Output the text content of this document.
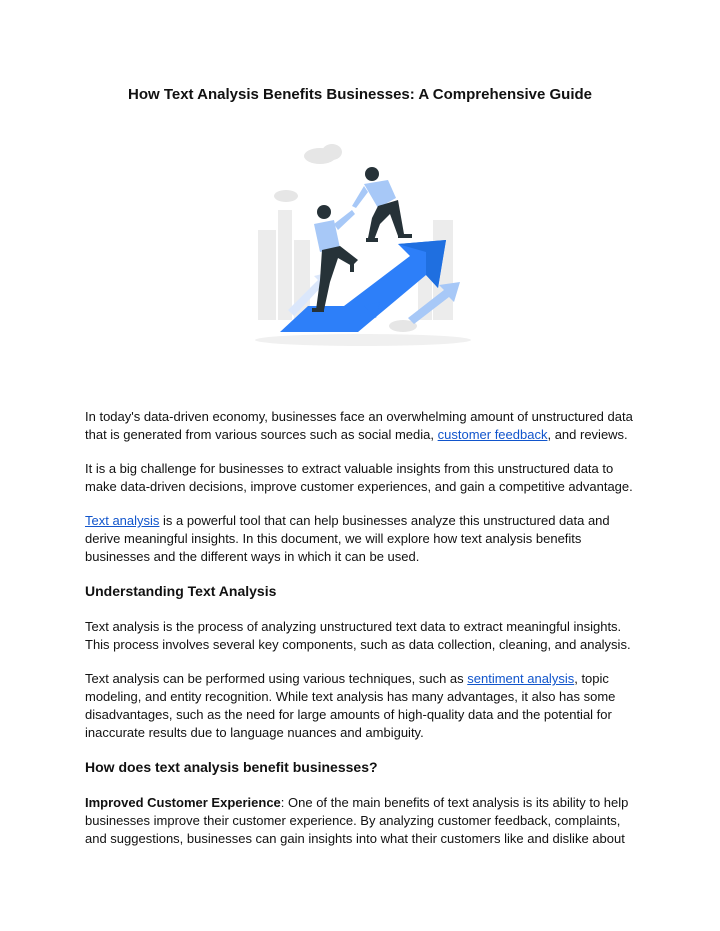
How Text Analysis Benefits Businesses: A Comprehensive Guide

In today's data-driven economy, businesses face an overwhelming amount of unstructured data that is generated from various sources such as social media, customer feedback, and reviews.

It is a big challenge for businesses to extract valuable insights from this unstructured data to make data-driven decisions, improve customer experiences, and gain a competitive advantage.

Text analysis is a powerful tool that can help businesses analyze this unstructured data and derive meaningful insights. In this document, we will explore how text analysis benefits businesses and the different ways in which it can be used.

Understanding Text Analysis

Text analysis is the process of analyzing unstructured text data to extract meaningful insights. This process involves several key components, such as data collection, cleaning, and analysis.

Text analysis can be performed using various techniques, such as sentiment analysis, topic modeling, and entity recognition. While text analysis has many advantages, it also has some disadvantages, such as the need for large amounts of high-quality data and the potential for inaccurate results due to language nuances and ambiguity.

How does text analysis benefit businesses?

Improved Customer Experience: One of the main benefits of text analysis is its ability to help businesses improve their customer experience. By analyzing customer feedback, complaints, and suggestions, businesses can gain insights into what their customers like and dislike about
